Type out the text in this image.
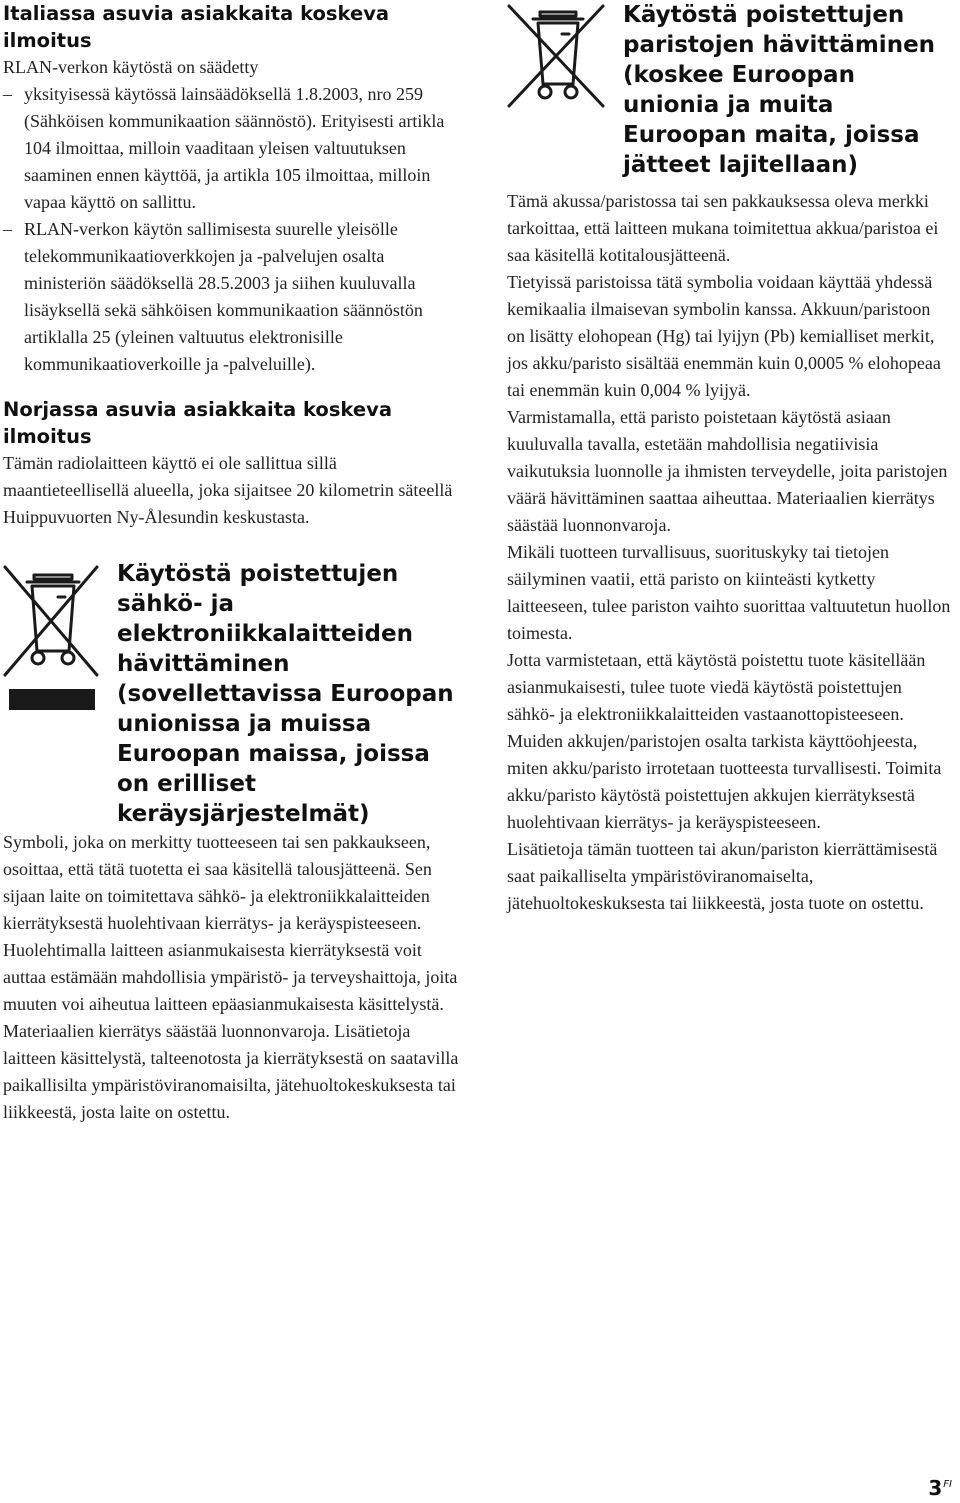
Italiassa asuvia asiakkaita koskeva ilmoitus

RLAN-verkon käytöstä on säädetty

– yksityisessä käytössä lainsäädöksellä 1.8.2003, nro 259 (Sähköisen kommunikaation säännöstö). Erityisesti artikla 104 ilmoittaa, milloin vaaditaan yleisen valtuutuksen saaminen ennen käyttöä, ja artikla 105 ilmoittaa, milloin vapaa käyttö on sallittu.
– RLAN-verkon käytön sallimisesta suurelle yleisölle telekommunikaatioverkkojen ja -palvelujen osalta ministeriön säädöksellä 28.5.2003 ja siihen kuuluvalla lisäyksellä sekä sähköisen kommunikaation säännöstön artiklalla 25 (yleinen valtuutus elektronisille kommunikaatioverkoille ja -palveluille).
Norjassa asuvia asiakkaita koskeva ilmoitus

Tämän radiolaitteen käyttö ei ole sallittua sillä maantieteellisellä alueella, joka sijaitsee 20 kilometrin säteellä Huippuvuorten Ny-Ålesundin keskustasta.

Käytöstä poistettujen sähkö- ja elektroniikkalaitteiden hävittäminen (sovellettavissa Euroopan unionissa ja muissa Euroopan maissa, joissa on erilliset keräysjärjestelmät)

Symboli, joka on merkitty tuotteeseen tai sen pakkaukseen, osoittaa, että tätä tuotetta ei saa käsitellä talousjätteenä. Sen sijaan laite on toimitettava sähkö- ja elektroniikkalaitteiden kierrätyksestä huolehtivaan kierrätys- ja keräyspisteeseen. Huolehtimalla laitteen asianmukaisesta kierrätyksestä voit auttaa estämään mahdollisia ympäristö- ja terveyshaittoja, joita muuten voi aiheutua laitteen epäasianmukaisesta käsittelystä. Materiaalien kierrätys säästää luonnonvaroja. Lisätietoja laitteen käsittelystä, talteenotosta ja kierrätyksestä on saatavilla paikallisilta ympäristöviranomaisilta, jätehuoltokeskuksesta tai liikkeestä, josta laite on ostettu.

Käytöstä poistettujen paristojen hävittäminen (koskee Euroopan unionia ja muita Euroopan maita, joissa jätteet lajitellaan)

Tämä akussa/paristossa tai sen pakkauksessa oleva merkki tarkoittaa, että laitteen mukana toimitettua akkua/paristoa ei saa käsitellä kotitalousjätteenä.

Tietyissä paristoissa tätä symbolia voidaan käyttää yhdessä kemikaalia ilmaisevan symbolin kanssa. Akkuun/paristoon on lisätty elohopean (Hg) tai lyijyn (Pb) kemialliset merkit, jos akku/paristo sisältää enemmän kuin 0,0005 % elohopeaa tai enemmän kuin 0,004 % lyijyä.

Varmistamalla, että paristo poistetaan käytöstä asiaan kuuluvalla tavalla, estetään mahdollisia negatiivisia vaikutuksia luonnolle ja ihmisten terveydelle, joita paristojen väärä hävittäminen saattaa aiheuttaa. Materiaalien kierrätys säästää luonnonvaroja.

Mikäli tuotteen turvallisuus, suorituskyky tai tietojen säilyminen vaatii, että paristo on kiinteästi kytketty laitteeseen, tulee pariston vaihto suorittaa valtuutetun huollon toimesta.

Jotta varmistetaan, että käytöstä poistettu tuote käsitellään asianmukaisesti, tulee tuote viedä käytöstä poistettujen sähkö- ja elektroniikkalaitteiden vastaanottopisteeseen.

Muiden akkujen/paristojen osalta tarkista käyttöohjeesta, miten akku/paristo irrotetaan tuotteesta turvallisesti. Toimita akku/paristo käytöstä poistettujen akkujen kierrätyksestä huolehtivaan kierrätys- ja keräyspisteeseen.

Lisätietoja tämän tuotteen tai akun/pariston kierrättämisestä saat paikalliselta ympäristöviranomaiselta, jätehuoltokeskuksesta tai liikkeestä, josta tuote on ostettu.

$3^{FI}$
